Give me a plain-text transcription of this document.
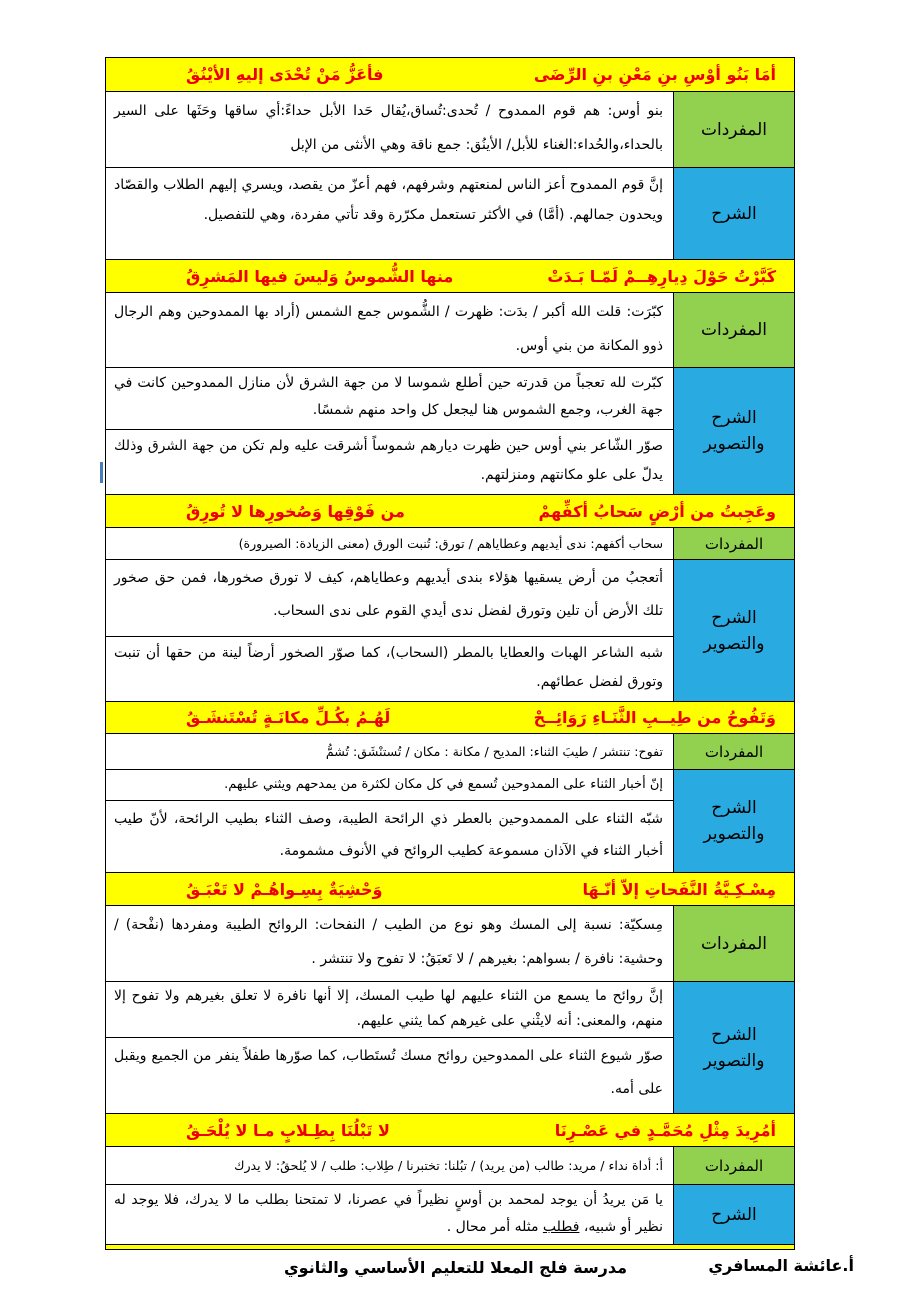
أمَا بَنُو أوْسِ بنِ مَعْنِ بنِ الرِّضَى
فأعَزُّ مَنْ تُحْدَى إليهِ الأيْنُقُ
المفردات
بنو أوس: هم قوم الممدوح / تُحدى:تُساق،يُقال حَدا الأبل حداءً:أي ساقها وحَثَها على السير بالحداء،والحُداء:الغناء للأبل/ الأينُق: جمع ناقة وهي الأنثى من الإبل
الشرح
إنَّ قوم الممدوح أعز الناس لمنعتهم وشرفهم، فهم أعزّ من يقصد، ويسري إليهم الطلاب والقصّاد ويحدون جمالهم. (أمَّا) في الأكثر تستعمل مكرّرة وقد تأتي مفردة، وهي للتفصيل.
كَبَّرْتُ حَوْلَ دِيارِهِــمْ لَمّـا بَـدَتْ
منها الشُّموسُ وَليسَ فيها المَشرِقُ
المفردات
كبّرَت: قلت الله أكبر / بدَت: ظهرت / الشُّموس جمع الشمس (أراد بها الممدوحين وهم الرجال ذوو المكانة من بني أوس.
الشرح والتصوير
كبّرت لله تعجباً من قدرته حين أطلع شموسا لا من جهة الشرق لأن منازل الممدوحين كانت في جهة الغرب، وجمع الشموس هنا ليجعل كل واحد منهم شمسًا.
صوّر الشّاعر بني أوس حين ظهرت ديارهم شموساً أشرقت عليه ولم تكن من جهة الشرق وذلك يدلّ على علو مكانتهم ومنزلتهم.
وعَجِبتُ من أرْضٍ سَحابُ أكفِّهمْ
من فَوْقِها وَصُخورِها لا تُورِقُ
المفردات
سحاب أكفهم: ندى أيديهم وعطاياهم / تورق: تُنبت الورق (معنى الزيادة: الصيرورة)
الشرح والتصوير
أتعجبُ من أرض يسقيها هؤلاء بندى أيديهم وعطاياهم، كيف لا تورق صخورها، فمن حق صخور تلك الأرض أن تلين وتورق لفضل ندى أيدي القوم على ندى السحاب.
شبه الشاعر الهبات والعطايا بالمطر (السحاب)، كما صوّر الصخور أرضاً لينة من حقها أن تنبت وتورق لفضل عطائهم.
وَتَفُوحُ من طِيــبِ الثَّنَـاءِ رَوَائِــحْ
لَهُـمُ بكُـلِّ مكانَـةٍ تُسْتَنشَـقُ
المفردات
تفوح: تنتشر / طيبَ الثناء: المديح / مكانة : مكان / تُستنْشَق: تُشمُّ
الشرح والتصوير
إنّ أخبار الثناء على الممدوحين تُسمع في كل مكان لكثرة من يمدحهم ويثني عليهم.
شبّه الثناء على المممدوحين بالعطر ذي الرائحة الطيبة، وصف الثناء بطيب الرائحة، لأنّ طيب أخبار الثناء في الآذان مسموعة كطيب الروائح في الأنوف مشمومة.
مِسْـكِـيَّةُ النَّفَحاتِ إلاّ أنّـهَا
وَحْشِيَةٌ بِسِـواهُـمْ لا تَعْبَـقُ
المفردات
مِسكيّة: نسبة إلى المسك وهو نوع من الطيب / النفحات: الروائح الطيبة ومفردها (نفْحة) / وحشية: نافرة / بسواهم: بغيرهم / لا تَعبَقُ: لا تفوح ولا تنتشر .
الشرح والتصوير
إنَّ روائح ما يسمع من الثناء عليهم لها طيب المسك، إلا أنها نافرة لا تعلق بغيرهم ولا تفوح إلا منهم، والمعنى: أنه لايثْني على غيرهم كما يثني عليهم.
صوّر شيوع الثناء على الممدوحين روائح مسك تُستَطاب، كما صوّرها طفلاً ينفر من الجميع ويقبل على أمه.
أمُرِيدَ مِثْلِ مُحَمَّـدٍ في عَصْـرِنَا
لا تَبْلُنَا بِطِـلابٍ مـا لا يُلْحَـقُ
المفردات
أ: أداة نداء / مريد: طالب (من يريد) / تبُلنا: تختبرنا / طِلاب: طلب / لا يُلحقُ: لا يدرك
الشرح
يا مَن يريدُ أن يوجد لمحمد بن أوسٍ نظيراً في عصرنا، لا تمتحنا بطلب ما لا يدرك، فلا يوجد له نظير أو شبيه، فطلب مثله أمر محال .
أ.عائشة المسافري
مدرسة فلج المعلا للتعليم الأساسي والثانوي
